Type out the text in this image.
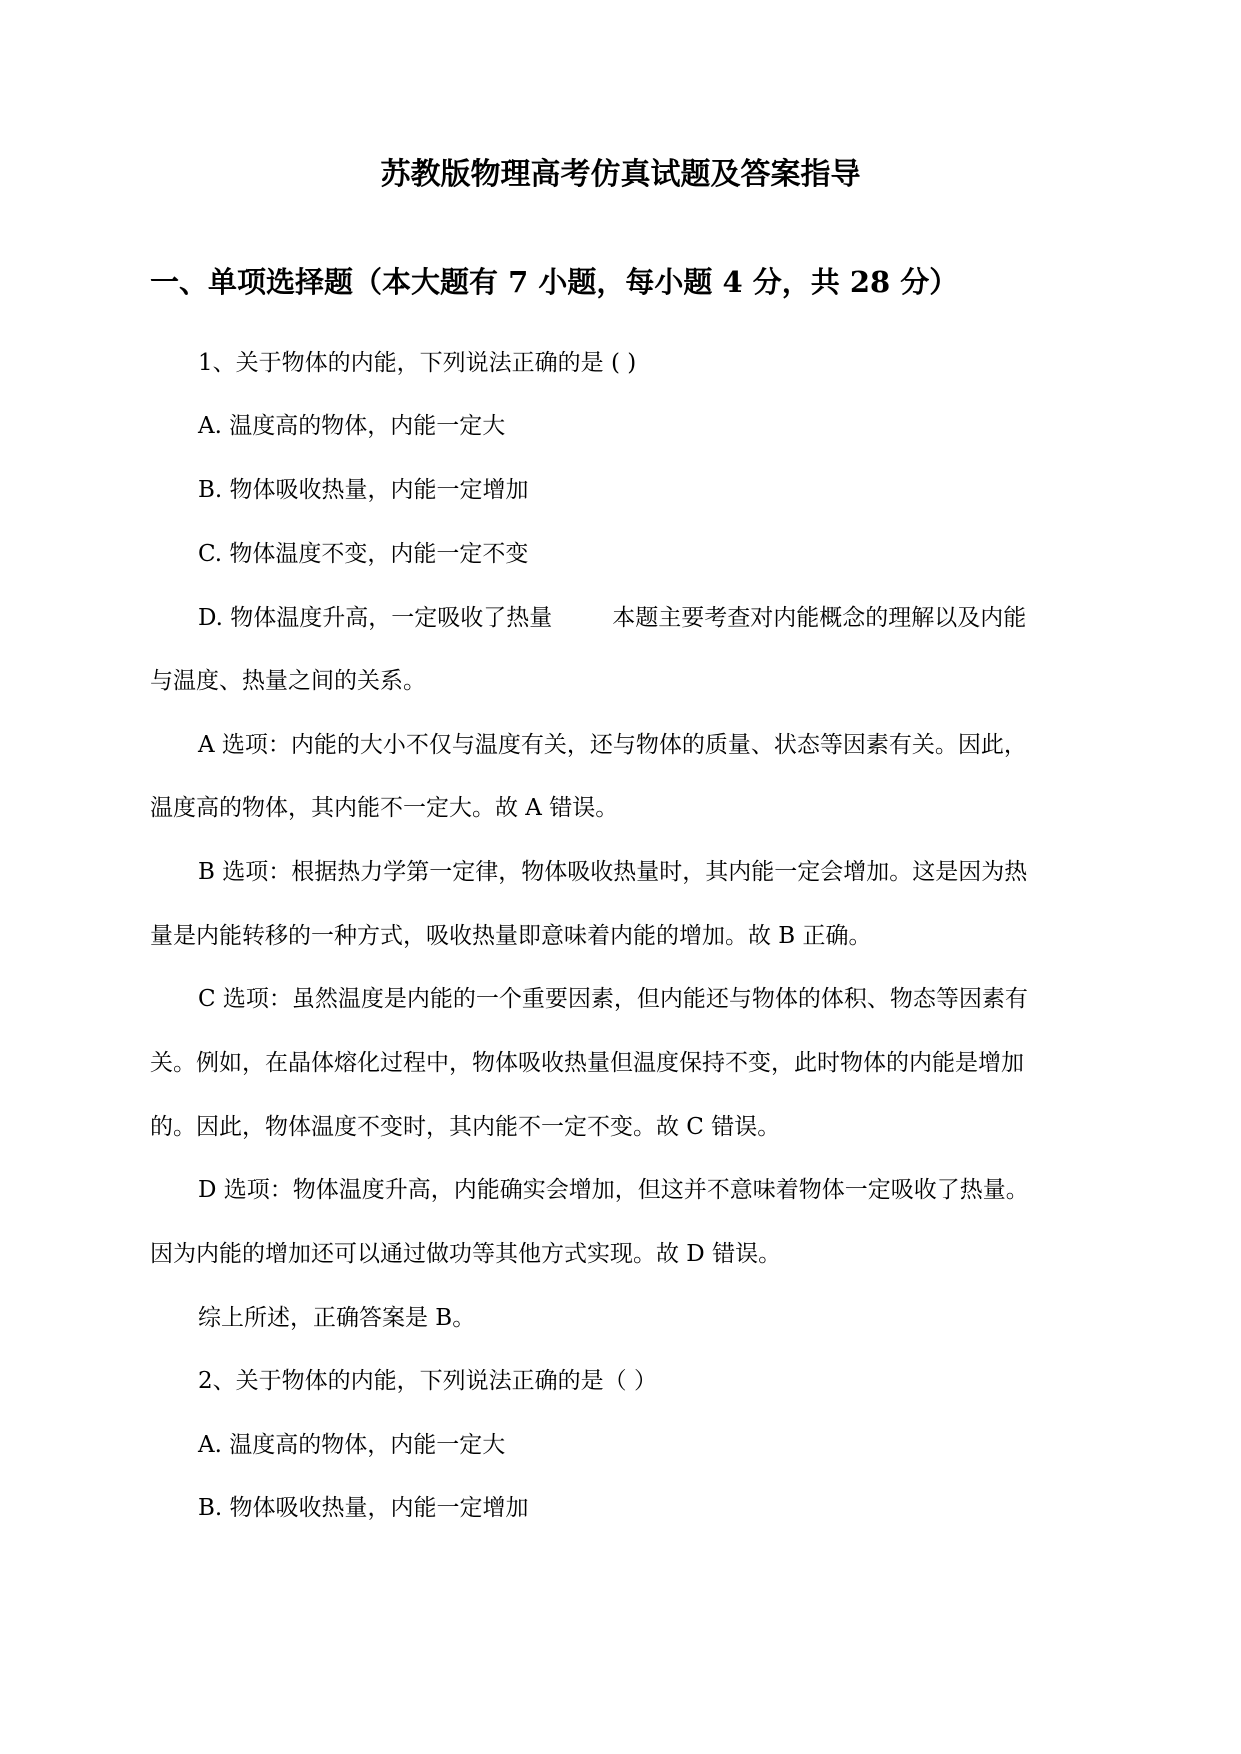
苏教版物理高考仿真试题及答案指导
一、单项选择题（本大题有 7 小题，每小题 4 分，共 28 分）
1、关于物体的内能，下列说法正确的是 ( )
A. 温度高的物体，内能一定大
B. 物体吸收热量，内能一定增加
C. 物体温度不变，内能一定不变
D. 物体温度升高，一定吸收了热量	本题主要考查对内能概念的理解以及内能
与温度、热量之间的关系。
A 选项：内能的大小不仅与温度有关，还与物体的质量、状态等因素有关。因此，
温度高的物体，其内能不一定大。故 A 错误。
B 选项：根据热力学第一定律，物体吸收热量时，其内能一定会增加。这是因为热
量是内能转移的一种方式，吸收热量即意味着内能的增加。故 B 正确。
C 选项：虽然温度是内能的一个重要因素，但内能还与物体的体积、物态等因素有
关。例如，在晶体熔化过程中，物体吸收热量但温度保持不变，此时物体的内能是增加
的。因此，物体温度不变时，其内能不一定不变。故 C 错误。
D 选项：物体温度升高，内能确实会增加，但这并不意味着物体一定吸收了热量。
因为内能的增加还可以通过做功等其他方式实现。故 D 错误。
综上所述，正确答案是 B。
2、关于物体的内能，下列说法正确的是（ ）
A. 温度高的物体，内能一定大
B. 物体吸收热量，内能一定增加
